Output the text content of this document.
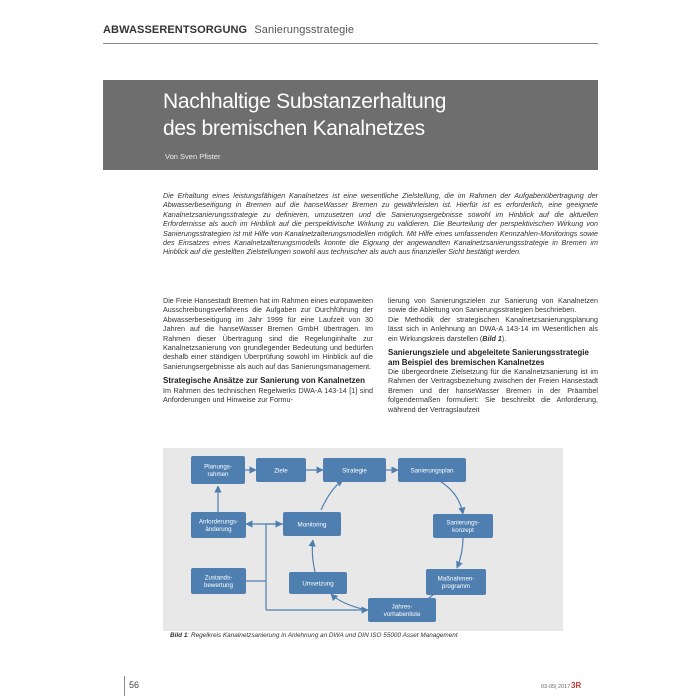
ABWASSERENTSORGUNG Sanierungsstrategie
Nachhaltige Substanzerhaltung
des bremischen Kanalnetzes
Von Sven Pfister
Die Erhaltung eines leistungsfähigen Kanalnetzes ist eine wesentliche Zielstellung, die im Rahmen der Aufgabenübertragung der Abwasserbeseitigung in Bremen auf die hanseWasser Bremen zu gewährleisten ist. Hierfür ist es erforderlich, eine geeignete Kanalnetzsanierungsstrategie zu definieren, umzusetzen und die Sanierungsergebnisse sowohl im Hinblick auf die aktuellen Erfordernisse als auch im Hinblick auf die perspektivische Wirkung zu validieren. Die Beurteilung der perspektivischen Wirkung von Sanierungsstrategien ist mit Hilfe von Kanalnetzalterungsmodellen möglich. Mit Hilfe eines umfassenden Kennzahlen-Monitorings sowie des Einsatzes eines Kanalnetzalterungsmodells konnte die Eignung der angewandten Kanalnetzsanierungsstrategie in Bremen im Hinblick auf die gestellten Zielstellungen sowohl aus technischer als auch aus finanzieller Sicht bestätigt werden.

Die Freie Hansestadt Bremen hat im Rahmen eines europaweiten Ausschreibungsverfahrens die Aufgaben zur Durchführung der Abwasserbeseitigung im Jahr 1999 für eine Laufzeit von 30 Jahren auf die hanseWasser Bremen GmbH übertragen. Im Rahmen dieser Übertragung sind die Regelunginhalte zur Kanalnetzsanierung von grundlegender Bedeutung und bedürfen deshalb einer ständigen Überprüfung sowohl im Hinblick auf die Sanierungsergebnisse als auch auf das Sanierungsmanagement.

Strategische Ansätze zur Sanierung von Kanalnetzen

Im Rahmen des technischen Regelwerks DWA-A 143-14 [1] sind Anforderungen und Hinweise zur Formu-

lierung von Sanierungszielen zur Sanierung von Kanalnetzen sowie die Ableitung von Sanierungsstrategien beschrieben.

Die Methodik der strategischen Kanalnetzsanierungsplanung lässt sich in Anlehnung an DWA-A 143-14 im Wesentlichen als ein Wirkungskreis darstellen (Bild 1).

Sanierungsziele und abgeleitete Sanierungsstrategie am Beispiel des bremischen Kanalnetzes

Die übergeordnete Zielsetzung für die Kanalnetzsanierung ist im Rahmen der Vertragsbeziehung zwischen der Freien Hansestadt Bremen und der hanseWasser Bremen in der Präambel folgendermaßen formuliert: Sie beschreibt die Anforderung, während der Vertragslaufzeit

Planungs-
rahmen
Ziele	Strategie	Sanierungsplan
Anforderungs-
änderung
Monitoring	Sanierungs-
konzept
Zustands-
bewertung	Umsetzung
Maßnahmen-
programm
Jahres-
vorhabenliste
Bild 1: Regelkreis Kanalnetzsanierung in Anlehnung an DWA und DIN ISO 55000 Asset Management
56	03-05| 2017 3R
